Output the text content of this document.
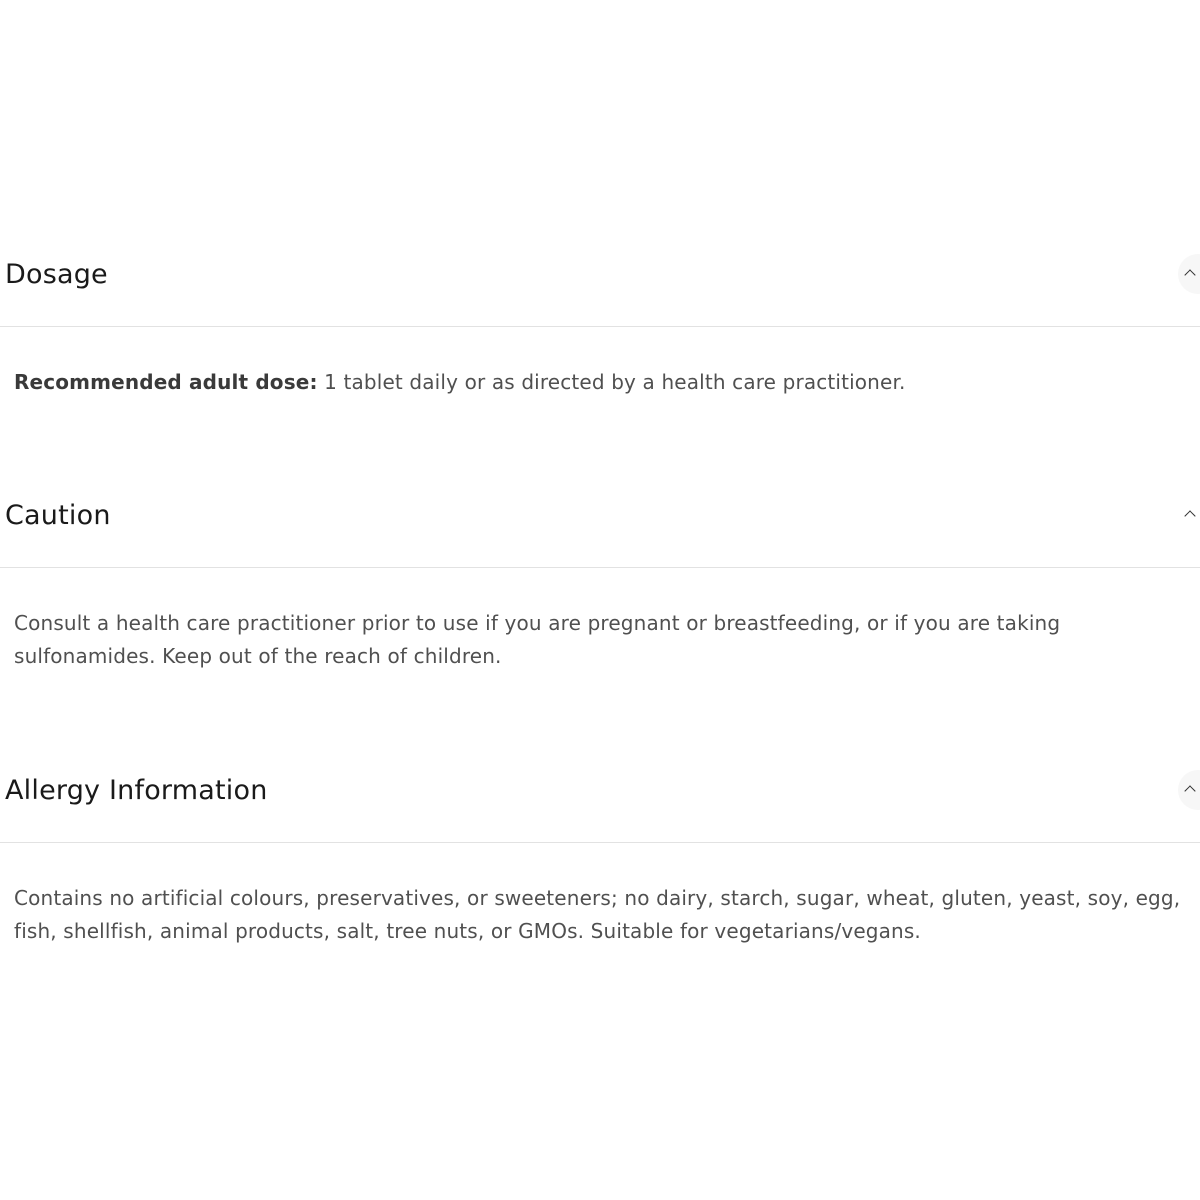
Dosage

Recommended adult dose: 1 tablet daily or as directed by a health care practitioner.

Caution

Consult a health care practitioner prior to use if you are pregnant or breastfeeding, or if you are taking sulfonamides. Keep out of the reach of children.

Allergy Information

Contains no artificial colours, preservatives, or sweeteners; no dairy, starch, sugar, wheat, gluten, yeast, soy, egg, fish, shellfish, animal products, salt, tree nuts, or GMOs. Suitable for vegetarians/vegans.
